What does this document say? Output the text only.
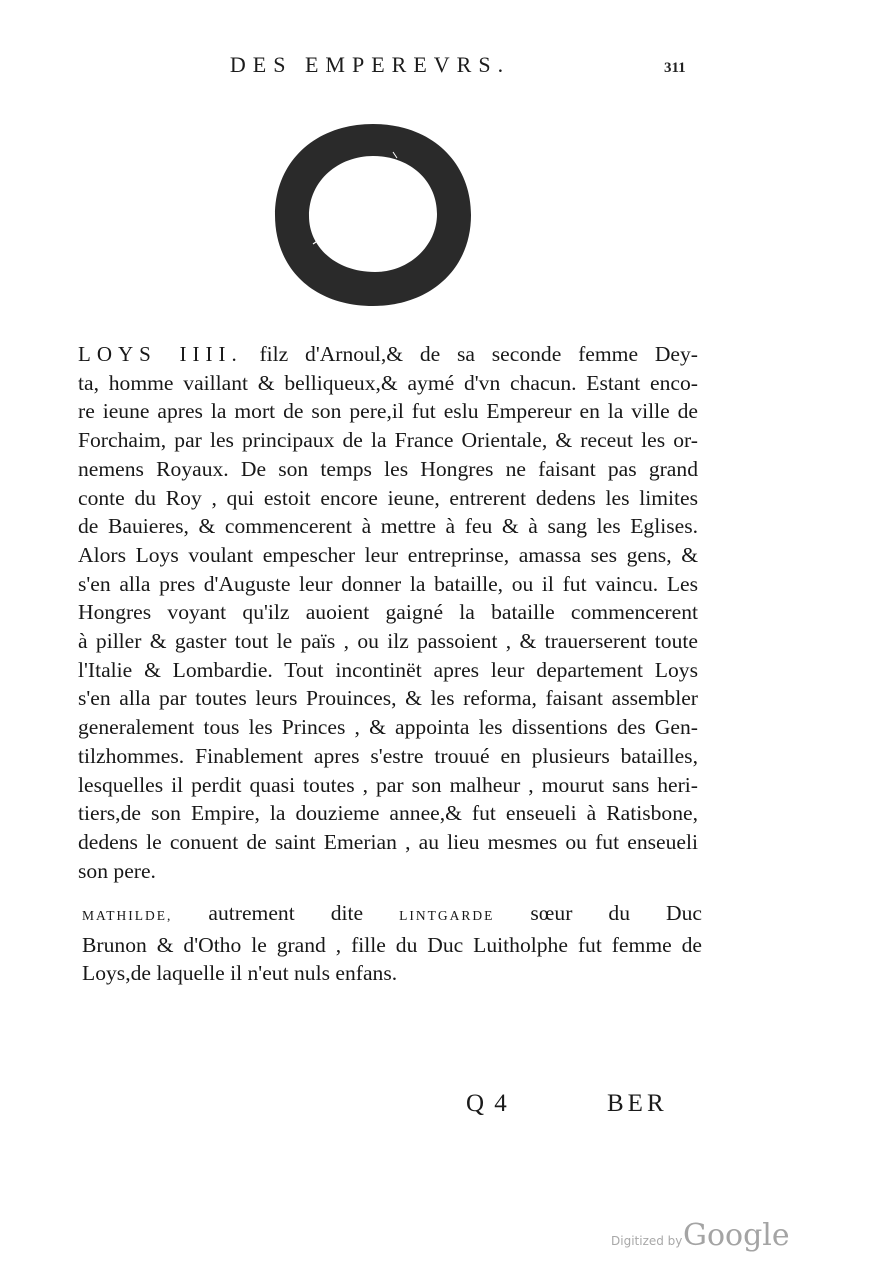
DES EMPEREVRS.	311
LOYS IIII. filz d'Arnoul,& de sa seconde femme Dey-
ta, homme vaillant & belliqueux,& aymé d'vn chacun. Estant enco-
re ieune apres la mort de son pere,il fut eslu Empereur en la ville de
Forchaim, par les principaux de la France Orientale, & receut les or-
nemens Royaux. De son temps les Hongres ne faisant pas grand
conte du Roy , qui estoit encore ieune, entrerent dedens les limites
de Bauieres, & commencerent à mettre à feu & à sang les Eglises.
Alors Loys voulant empescher leur entreprinse, amassa ses gens, &
s'en alla pres d'Auguste leur donner la bataille, ou il fut vaincu. Les
Hongres voyant qu'ilz auoient gaigné la bataille commencerent
à piller & gaster tout le païs , ou ilz passoient , & trauerserent toute
l'Italie & Lombardie. Tout incontinët apres leur departement Loys
s'en alla par toutes leurs Prouinces, & les reforma, faisant assembler
generalement tous les Princes , & appointa les dissentions des Gen-
tilzhommes. Finablement apres s'estre trouué en plusieurs batailles,
lesquelles il perdit quasi toutes , par son malheur , mourut sans heri-
tiers,de son Empire, la douzieme annee,& fut enseueli à Ratisbone,
dedens le conuent de saint Emerian , au lieu mesmes ou fut enseueli
son pere.
MATHILDE, autrement dite	LINTGARDE sœur du Duc
Brunon & d'Otho le grand , fille du Duc Luitholphe fut femme de
Loys,de laquelle il n'eut nuls enfans.
Q 4	BER
Digitized by Google
